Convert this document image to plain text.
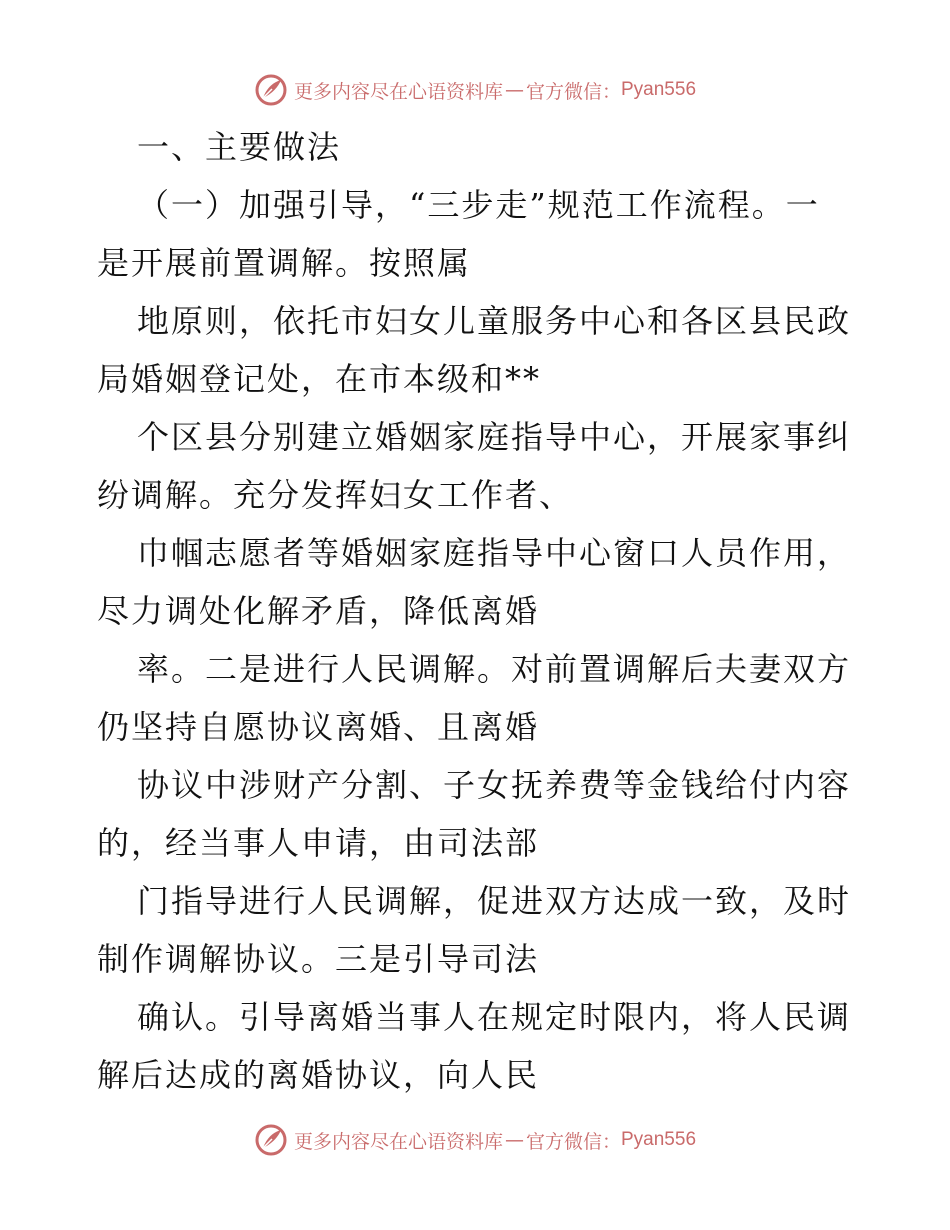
更多内容尽在心语资料库 — 官方微信： Pyan556
一、主要做法
（一）加强引导，“三步走”规范工作流程。一
是开展前置调解。按照属
地原则，依托市妇女儿童服务中心和各区县民政
局婚姻登记处，在市本级和**
个区县分别建立婚姻家庭指导中心，开展家事纠
纷调解。充分发挥妇女工作者、
巾帼志愿者等婚姻家庭指导中心窗口人员作用，
尽力调处化解矛盾，降低离婚
率。二是进行人民调解。对前置调解后夫妻双方
仍坚持自愿协议离婚、且离婚
协议中涉财产分割、子女抚养费等金钱给付内容
的，经当事人申请，由司法部
门指导进行人民调解，促进双方达成一致，及时
制作调解协议。三是引导司法
确认。引导离婚当事人在规定时限内，将人民调
解后达成的离婚协议，向人民
更多内容尽在心语资料库 — 官方微信： Pyan556
